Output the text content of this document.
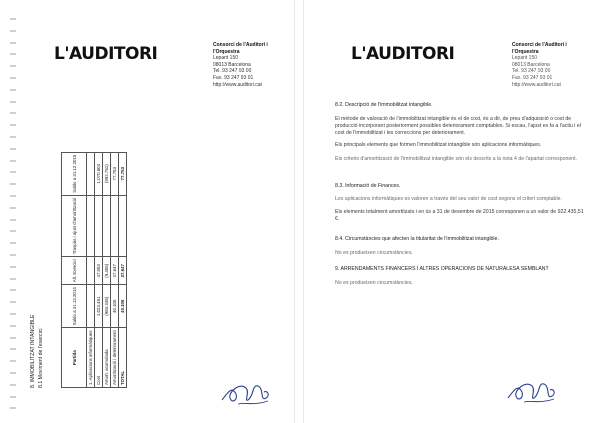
L'AUDITORI	Consorci de l'Auditori i
l'Orquestra
Lepant 150
08013 Barcelona
Tel. 93 247 93 00
Fax. 93 247 93 01
http://www.auditori.cat
8. IMMOBILITZAT INTANGIBLE 8.1 Moviment de l'exercici	Partida	Saldo a 31.12.2014	Alt. Exercici	Traspàs i ajust d'amortització	Saldo a 31.12.2015
1. Aplicacions informàtiques				
Cost	1.023.451	47.053		1.070.504
Amort. acumulada	(983.345)	(9.406)		(992.751)
Amortització i deteriorament	40.106	37.647		77.753
TOTAL	40.106	37.647		77.753
L'AUDITORI	Consorci de l'Auditori i
l'Orquestra
Lepant 150
08013 Barcelona
Tel. 93 247 93 00
Fax. 93 247 93 01
http://www.auditori.cat
8.2. Descripció de l'immobilitzat intangible.
El mètode de valoració de l'immobilitzat intangible és el de cost, és a dir, de preu d'adquisició o cost de producció incorporant posteriorment possibles deteriorament comptables. Si escau, l'ajust es fa a l'actiu i el cost de l'immobilitzat i les correccions per deteriorament.
Els principals elements que formen l'immobilitzat intangible són aplicacions informàtiques.
Els criteris d'amortització de l'immobilitzat intangible són els descrits a la nota 4 de l'apartat corresponent.
8.3. Informació de Finances.
Les aplicacions informàtiques es valoren a través del seu valor de cost segons el criteri comptable.
Els elements totalment amortitzats i en ús a 31 de desembre de 2015 corresponen a un valor de 922.435,51 €.
8.4. Circumstàncies que afecten la titularitat de l'immobilitzat intangible.
No es produeixen circumstàncies.
9. ARRENDAMENTS FINANCERS I ALTRES OPERACIONS DE NATURALESA SEMBLANT
No es produeixen circumstàncies.
